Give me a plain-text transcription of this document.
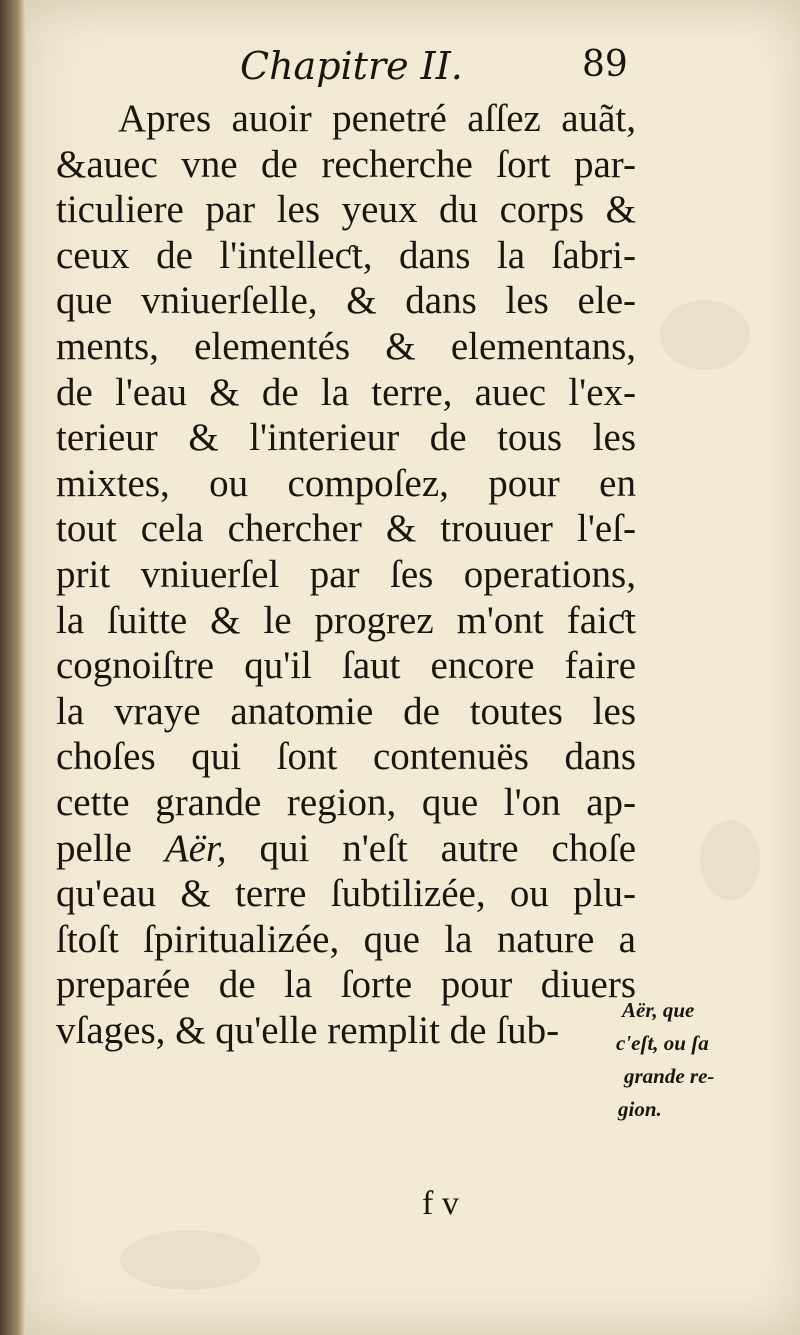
Chapitre II.	89
Apres auoir penetré aſſez auãt,
&auec vne de recherche ſort par-
ticuliere par les yeux du corps &
ceux de l'intelleƈt, dans la ſabri-
que vniuerſelle, & dans les ele-
ments, elementés & elementans,
de l'eau & de la terre, auec l'ex-
terieur & l'interieur de tous les
mixtes, ou compoſez, pour en
tout cela chercher & trouuer l'eſ-
prit vniuerſel par ſes operations,
la ſuitte & le progrez m'ont faiƈt
cognoiſtre qu'il ſaut encore faire
la vraye anatomie de toutes les
choſes qui ſont contenuës dans
cette grande region, que l'on ap-
pelle Aër, qui n'eſt autre choſe
qu'eau & terre ſubtilizée, ou plu-
ſtoſt ſpiritualizée, que la nature a
preparée de la ſorte pour diuers
vſages, & qu'elle remplit de ſub-	Aër, que
c'eſt, ou ſa
grande re-
gion.
f v
